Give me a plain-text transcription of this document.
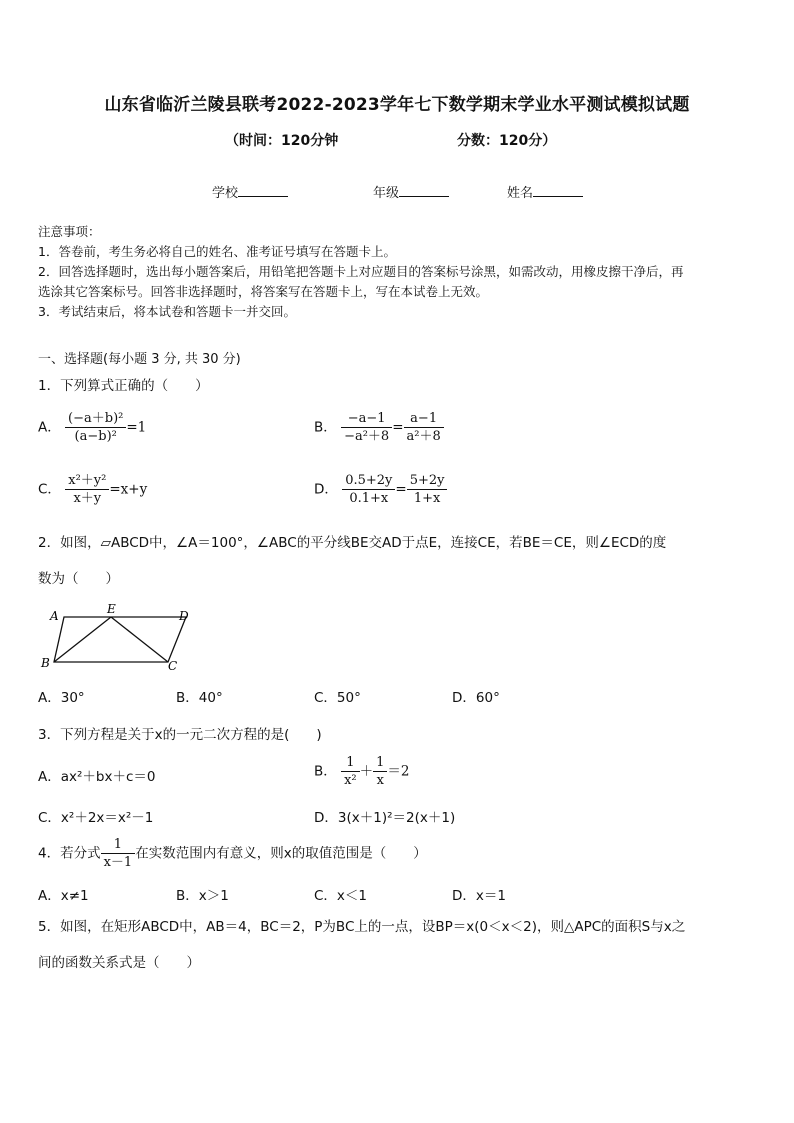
山东省临沂兰陵县联考2022-2023学年七下数学期末学业水平测试模拟试题
（时间：120分钟	分数：120分）
学校	年级	姓名
注意事项：
1．答卷前，考生务必将自己的姓名、准考证号填写在答题卡上。
2．回答选择题时，选出每小题答案后，用铅笔把答题卡上对应题目的答案标号涂黑，如需改动，用橡皮擦干净后，再
选涂其它答案标号。回答非选择题时，将答案写在答题卡上，写在本试卷上无效。
3．考试结束后，将本试卷和答题卡一并交回。
一、选择题(每小题 3 分, 共 30 分)
1．下列算式正确的（　　）
A． $\frac{\text{(−a＋b)²}}{\text{(a−b)²}} =1$	B． $\frac{-a-1}{\text{−a²＋8}} = \frac{a-1}{\text{a²＋8}}$
C． $\frac{\text{x²＋y²}}{x+y} =x+y$	D． $\frac{0.5+2y}{0.1+x} = \frac{5+2y}{1+x}$
2．如图，▱ABCD中，∠A＝100°，∠ABC的平分线BE交AD于点E，连接CE，若BE＝CE，则∠ECD的度
数为（　　）
A	E	D
B	C
A．30°	B．40°	C．50°	D．60°
3．下列方程是关于x的一元二次方程的是(　　)
A．ax²＋bx＋c＝0	B． $\frac{1}{\text{x²}} + \frac{1}{x} =2$
C．x²＋2x＝x²－1	D．3(x＋1)²＝2(x＋1)
4．若分式 $\frac{1}{x-1}$ 在实数范围内有意义，则x的取值范围是（　　）
A．x≠1	B．x＞1	C．x＜1	D．x＝1
5．如图，在矩形ABCD中，AB＝4，BC＝2，P为BC上的一点，设BP＝x(0＜x＜2)，则△APC的面积S与x之
间的函数关系式是（　　）
